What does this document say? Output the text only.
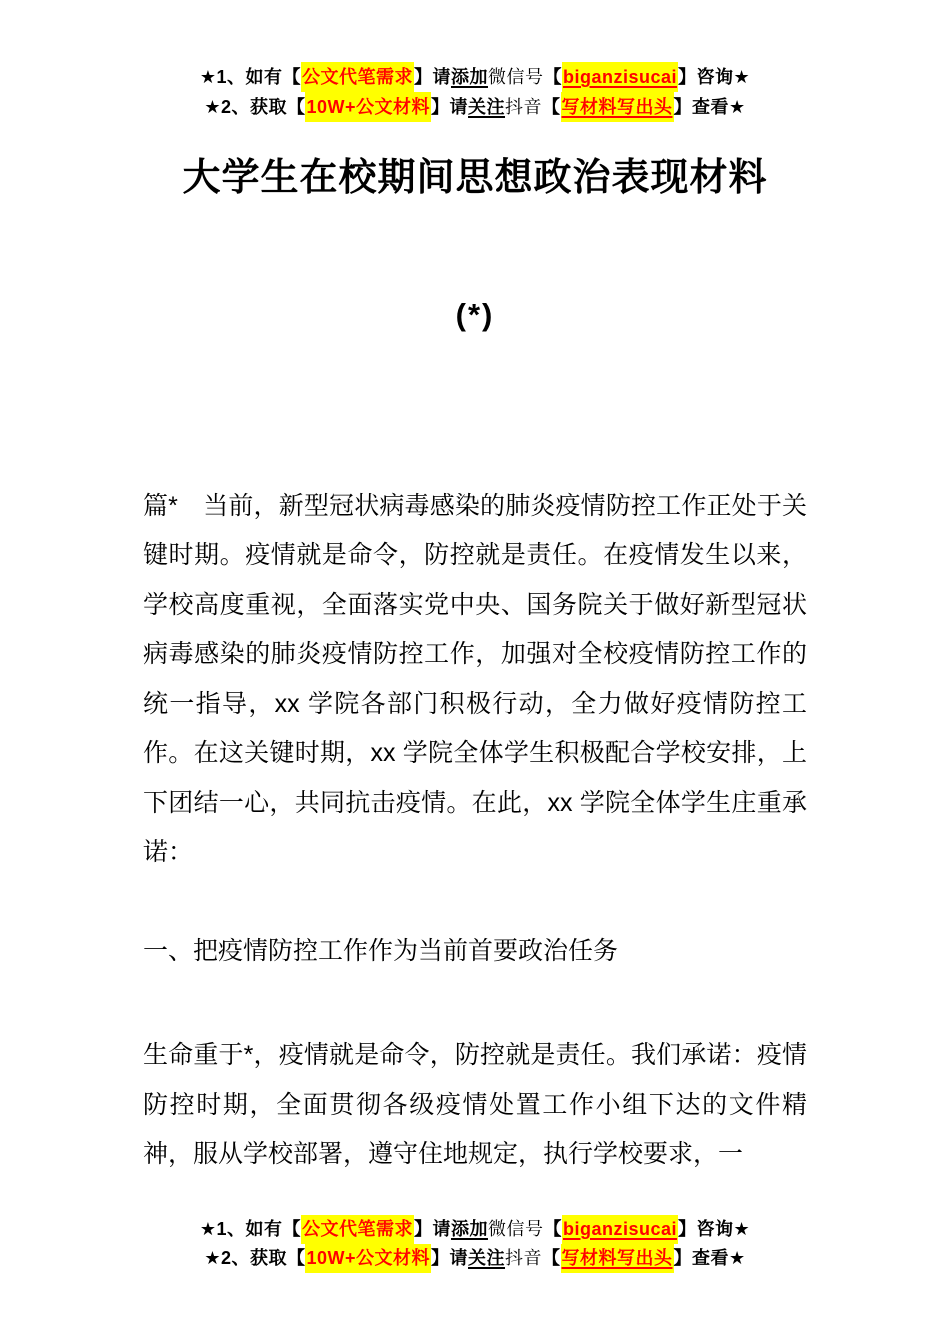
★1、如有【 公文代笔需求 】请 添加 微信号 【 biganzisucai 】咨询★
★2、获取【 10W+公文材料 】请 关注 抖音 【 写材料写出头 】查看★
大学生在校期间思想政治表现材料
(*)

篇*　当前，新型冠状病毒感染的肺炎疫情防控工作正处于关键时期。疫情就是命令，防控就是责任。在疫情发生以来，学校高度重视，全面落实党中央、国务院关于做好新型冠状病毒感染的肺炎疫情防控工作，加强对全校疫情防控工作的统一指导，xx 学院各部门积极行动，全力做好疫情防控工作。在这关键时期，xx 学院全体学生积极配合学校安排，上下团结一心，共同抗击疫情。在此，xx 学院全体学生庄重承诺：

一、把疫情防控工作作为当前首要政治任务

生命重于*，疫情就是命令，防控就是责任。我们承诺：疫情防控时期，全面贯彻各级疫情处置工作小组下达的文件精神，服从学校部署，遵守住地规定，执行学校要求，一

★1、如有【 公文代笔需求 】请 添加 微信号 【 biganzisucai 】咨询★
★2、获取【 10W+公文材料 】请 关注 抖音 【 写材料写出头 】查看★
